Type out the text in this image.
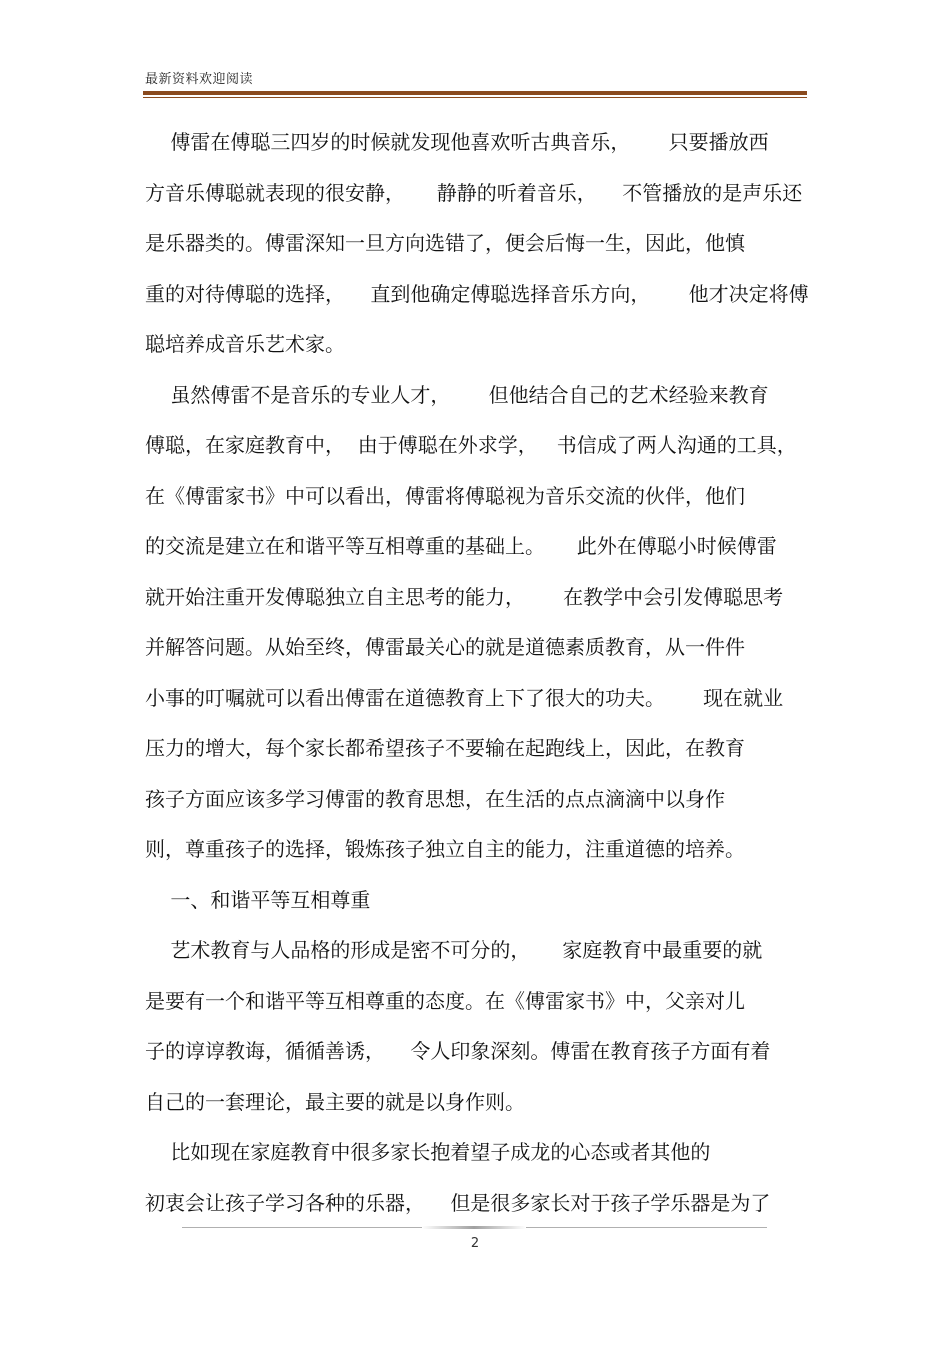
最新资料欢迎阅读
傅雷在傅聪三四岁的时候就发现他喜欢听古典音乐，      只要播放西
方音乐傅聪就表现的很安静，     静静的听着音乐，    不管播放的是声乐还
是乐器类的。傅雷深知一旦方向选错了，便会后悔一生，因此，他慎
重的对待傅聪的选择，    直到他确定傅聪选择音乐方向，      他才决定将傅
聪培养成音乐艺术家。
虽然傅雷不是音乐的专业人才，      但他结合自己的艺术经验来教育
傅聪，在家庭教育中，  由于傅聪在外求学，   书信成了两人沟通的工具，
在《傅雷家书》中可以看出，傅雷将傅聪视为音乐交流的伙伴，他们
的交流是建立在和谐平等互相尊重的基础上。     此外在傅聪小时候傅雷
就开始注重开发傅聪独立自主思考的能力，      在教学中会引发傅聪思考
并解答问题。从始至终，傅雷最关心的就是道德素质教育，从一件件
小事的叮嘱就可以看出傅雷在道德教育上下了很大的功夫。      现在就业
压力的增大，每个家长都希望孩子不要输在起跑线上，因此，在教育
孩子方面应该多学习傅雷的教育思想，在生活的点点滴滴中以身作
则，尊重孩子的选择，锻炼孩子独立自主的能力，注重道德的培养。
一、和谐平等互相尊重
艺术教育与人品格的形成是密不可分的，     家庭教育中最重要的就
是要有一个和谐平等互相尊重的态度。在《傅雷家书》中，父亲对儿
子的谆谆教诲，循循善诱，    令人印象深刻。傅雷在教育孩子方面有着
自己的一套理论，最主要的就是以身作则。
比如现在家庭教育中很多家长抱着望子成龙的心态或者其他的
初衷会让孩子学习各种的乐器，    但是很多家长对于孩子学乐器是为了
2
